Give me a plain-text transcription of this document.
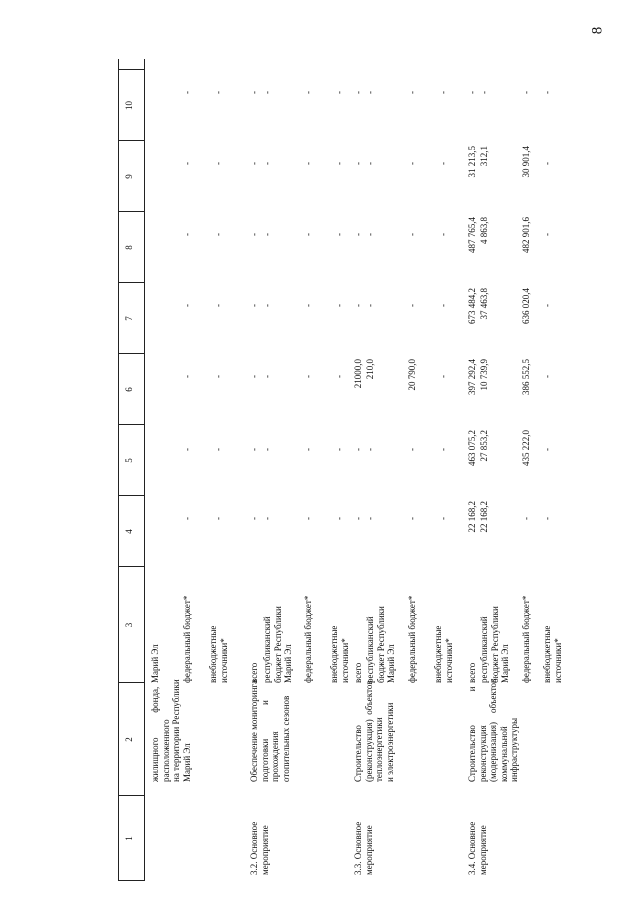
8
1
2
3
4
5
6
7
8
9
10
жилищного           фонда,
расположенного
на территории Республики
Марий Эл
Марий Эл федеральный бюджет*
-
-
-
-
-
-
-
внебюджетные
источники*
-
-
-
-
-
-
-
3.2. Основное
мероприятие
Обеспечение мониторинга
подготовки               и
прохождения
отопительных сезонов
всего
-
-
-
-
-
-
-
республиканский
бюджет Республики
Марий Эл
-
-
-
-
-
-
-
федеральный бюджет*
-
-
-
-
-
-
-
внебюджетные
источники*
-
-
-
-
-
-
-
3.3. Основное
мероприятие
Строительство
(реконструкция)  объектов
теплоэнергетики
и электроэнергетики
всего
-
-
21000,0
-
-
-
-
республиканский
бюджет Республики
Марий Эл
-
-
210,0
-
-
-
-
федеральный бюджет*
-
-
20 790,0
-
-
-
-
внебюджетные
источники*
-
-
-
-
-
-
-
3.4. Основное
мероприятие
Строительство               и
реконструкция
(модернизация)    объектов
коммунальной
инфраструктуры
всего
22 168,2
463 075,2
397 292,4
673 484,2
487 765,4
31 213,5
-
республиканский
бюджет Республики
Марий Эл
22 168,2
27 853,2
10 739,9
37 463,8
4 863,8
312,1
-
федеральный бюджет*
-
435 222,0
386 552,5
636 020,4
482 901,6
30 901,4
-
внебюджетные
источники*
-
-
-
-
-
-
-
